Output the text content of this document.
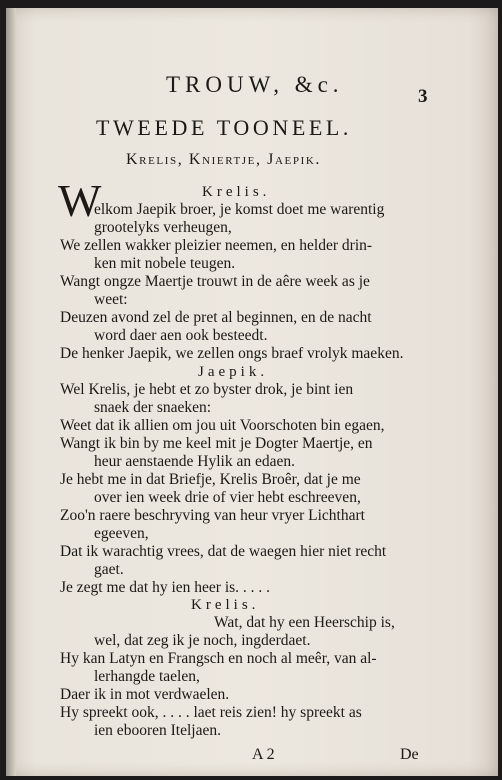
TROUW, &c.	3
TWEEDE TOONEEL.
Krelis, Kniertje, Jaepik.
Krelis.
W
elkom Jaepik broer, je komst doet me warentig
grootelyks verheugen,
We zellen wakker pleizier neemen, en helder drin-
ken mit nobele teugen.
Wangt ongze Maertje trouwt in de aêre week as je
weet:
Deuzen avond zel de pret al beginnen, en de nacht
word daer aen ook besteedt.
De henker Jaepik, we zellen ongs braef vrolyk maeken.
Jaepik.
Wel Krelis, je hebt et zo byster drok, je bint ien
snaek der snaeken:
Weet dat ik allien om jou uit Voorschoten bin egaen,
Wangt ik bin by me keel mit je Dogter Maertje, en
heur aenstaende Hylik an edaen.
Je hebt me in dat Briefje, Krelis Broêr, dat je me
over ien week drie of vier hebt eschreeven,
Zoo'n raere beschryving van heur vryer Lichthart
egeeven,
Dat ik warachtig vrees, dat de waegen hier niet recht
gaet.
Je zegt me dat hy ien heer is. . . . .
Krelis.
Wat, dat hy een Heerschip is,
wel, dat zeg ik je noch, ingderdaet.
Hy kan Latyn en Frangsch en noch al meêr, van al-
lerhangde taelen,
Daer ik in mot verdwaelen.
Hy spreekt ook, . . . . laet reis zien! hy spreekt as
ien ebooren Iteljaen.
A 2	De
